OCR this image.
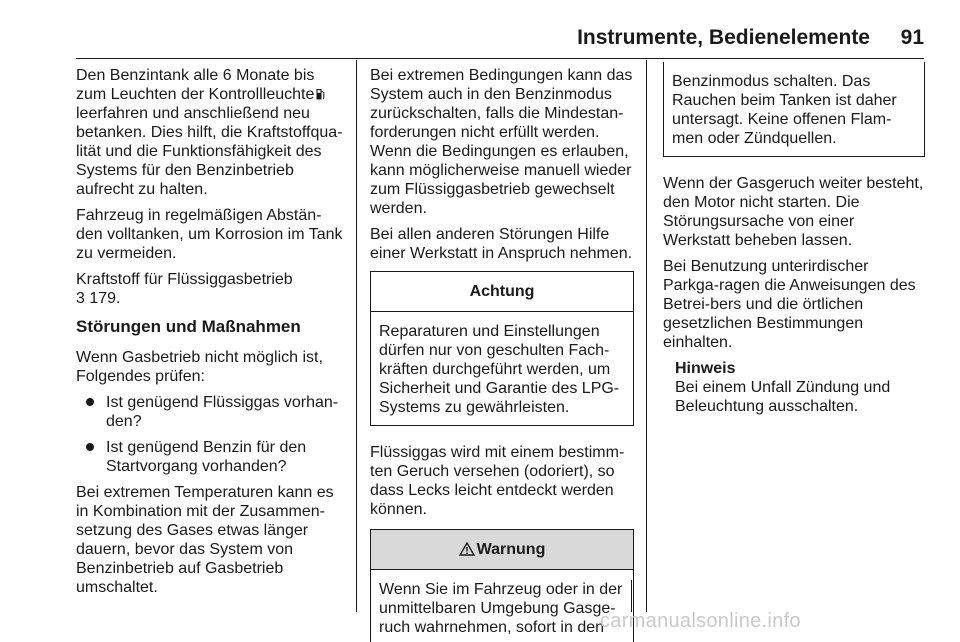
Instrumente, Bedienelemente 91

Den Benzintank alle 6 Monate bis zum Leuchten der Kontrollleuchte leerfahren und anschließend neu betanken. Dies hilft, die Kraftstoffqua-lität und die Funktionsfähigkeit des Systems für den Benzinbetrieb aufrecht zu halten.

Fahrzeug in regelmäßigen Abstän-den volltanken, um Korrosion im Tank zu vermeiden.

Kraftstoff für Flüssiggasbetrieb
3 179.

Störungen und Maßnahmen

Wenn Gasbetrieb nicht möglich ist, Folgendes prüfen:

Ist genügend Flüssiggas vorhan-den?
Ist genügend Benzin für den Startvorgang vorhanden?

Bei extremen Temperaturen kann es in Kombination mit der Zusammen-setzung des Gases etwas länger dauern, bevor das System von Benzinbetrieb auf Gasbetrieb umschaltet.

Bei extremen Bedingungen kann das System auch in den Benzinmodus zurückschalten, falls die Mindestan-forderungen nicht erfüllt werden. Wenn die Bedingungen es erlauben, kann möglicherweise manuell wieder zum Flüssiggasbetrieb gewechselt werden.

Bei allen anderen Störungen Hilfe einer Werkstatt in Anspruch nehmen.

Achtung
Reparaturen und Einstellungen dürfen nur von geschulten Fach-kräften durchgeführt werden, um Sicherheit und Garantie des LPG-Systems zu gewährleisten.

Flüssiggas wird mit einem bestimm-ten Geruch versehen (odoriert), so dass Lecks leicht entdeckt werden können.

Warnung
Wenn Sie im Fahrzeug oder in der unmittelbaren Umgebung Gasge-ruch wahrnehmen, sofort in den
Benzinmodus schalten. Das Rauchen beim Tanken ist daher untersagt. Keine offenen Flam-men oder Zündquellen.

Wenn der Gasgeruch weiter besteht, den Motor nicht starten. Die Störungsursache von einer Werkstatt beheben lassen.

Bei Benutzung unterirdischer Parkga-ragen die Anweisungen des Betrei-bers und die örtlichen gesetzlichen Bestimmungen einhalten.

Hinweis
Bei einem Unfall Zündung und Beleuchtung ausschalten.
carmanualsonline.info
